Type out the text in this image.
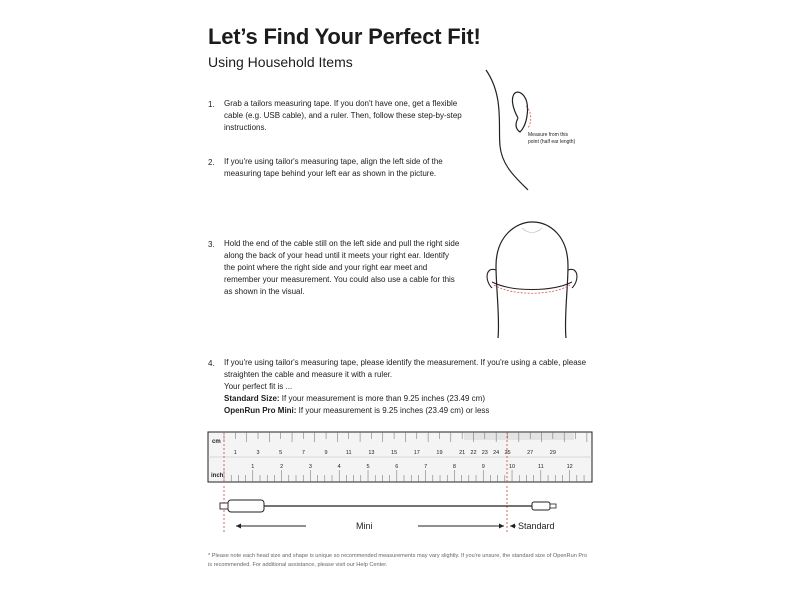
Let’s Find Your Perfect Fit!
Using Household Items
1. Grab a tailors measuring tape. If you don't have one, get a flexible
cable (e.g. USB cable), and a ruler. Then, follow these step-by-step
instructions.
2. If you're using tailor's measuring tape, align the left side of the
measuring tape behind your left ear as shown in the picture.
3. Hold the end of the cable still on the left side and pull the right side
along the back of your head until it meets your right ear. Identify
the point where the right side and your right ear meet and
remember your measurement. You could also use a cable for this
as shown in the visual.
4. If you're using tailor's measuring tape, please identify the measurement. If you're using a cable, please
straighten the cable and measure it with a ruler.
Your perfect fit is ...
Standard Size: If your measurement is more than 9.25 inches (23.49 cm)
OpenRun Pro Mini: If your measurement is 9.25 inches (23.49 cm) or less
Measure from this
point (half ear length)
cm
inch
1	3	5	7	9	11	13	15	17	19	21 22 23 24 25	27	29
1	2	3	4	5	6	7	8	9	10	11	12
Mini	Standard
* Please note each head size and shape is unique so recommended measurements may vary slightly. If you're unsure, the standard size of OpenRun Pro is recommended. For additional assistance, please visit our Help Center.
